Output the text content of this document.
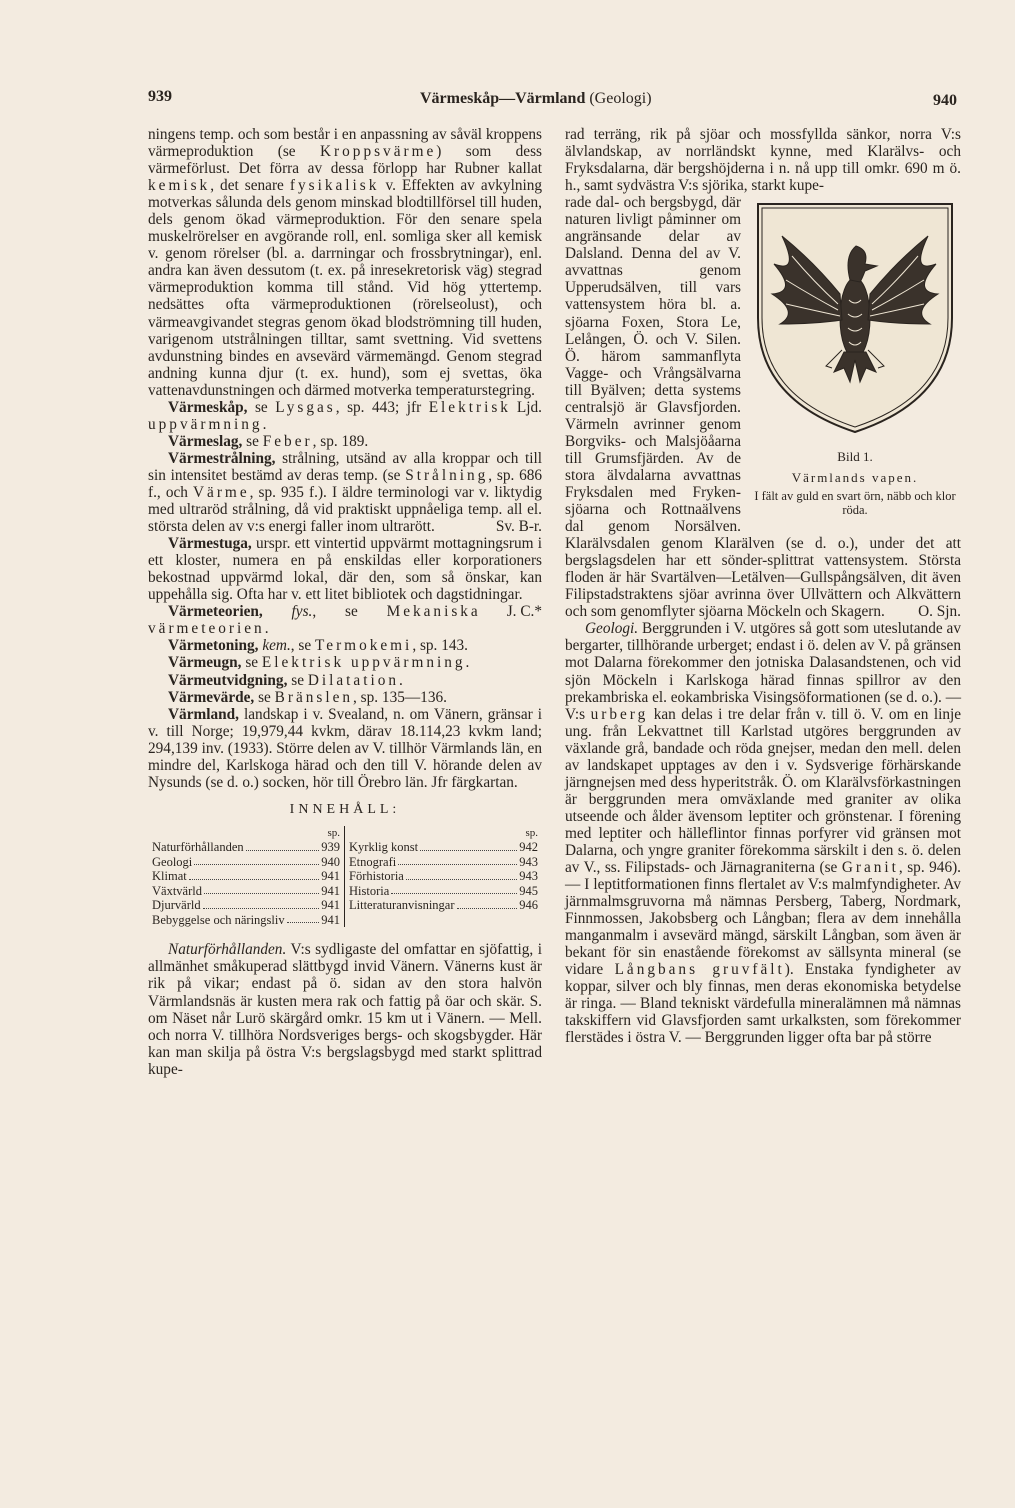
939	Värmeskåp—Värmland (Geologi)	940

ningens temp. och som består i en anpassning av såväl kroppens värmeproduktion (se Kroppsvärme) som dess värmeförlust. Det förra av dessa förlopp har Rubner kallat kemisk, det senare fysikalisk v. Effekten av avkylning motverkas sålunda dels genom minskad blodtillförsel till huden, dels genom ökad värmeproduktion. För den senare spela muskelrörelser en avgörande roll, enl. somliga sker all kemisk v. genom rörelser (bl. a. darrningar och frossbrytningar), enl. andra kan även dessutom (t. ex. på inresekretorisk väg) stegrad värmeproduktion komma till stånd. Vid hög yttertemp. nedsättes ofta värmeproduktionen (rörelseolust), och värmeavgivandet stegras genom ökad blodströmning till huden, varigenom utstrålningen tilltar, samt svettning. Vid svettens avdunstning bindes en avsevärd värmemängd. Genom stegrad andning kunna djur (t. ex. hund), som ej svettas, öka vattenavdunstningen och därmed motverka temperaturstegring.
Ljd.

Värmeskåp, se Lysgas, sp. 443; jfr Elektrisk uppvärmning.

Värmeslag, se Feber, sp. 189.

Värmestrålning, strålning, utsänd av alla kroppar och till sin intensitet bestämd av deras temp. (se Strålning, sp. 686 f., och Värme, sp. 935 f.). I äldre terminologi var v. liktydig med ultraröd strålning, då vid praktiskt uppnåeliga temp. all el. största delen av v:s energi faller inom ultrarött.	Sv. B-r.

Värmestuga, urspr. ett vintertid uppvärmt mottagningsrum i ett kloster, numera en på enskildas eller korporationers bekostnad uppvärmd lokal, där den, som så önskar, kan uppehålla sig. Ofta har v. ett litet bibliotek och dagstidningar.
J. C.*

Värmeteorien, fys., se Mekaniska värmeteorien.

Värmetoning, kem., se Termokemi, sp. 143.

Värmeugn, se Elektrisk uppvärmning.

Värmeutvidgning, se Dilatation.

Värmevärde, se Bränslen, sp. 135—136.

Värmland, landskap i v. Svealand, n. om Vänern, gränsar i v. till Norge; 19,979,44 kvkm, därav 18.114,23 kvkm land; 294,139 inv. (1933). Större delen av V. tillhör Värmlands län, en mindre del, Karlskoga härad och den till V. hörande delen av Nysunds (se d. o.) socken, hör till Örebro län. Jfr färgkartan.

INNEHÅLL:
sp.
Naturförhållanden	939
Geologi	940
Klimat	941
Växtvärld	941
Djurvärld	941
Bebyggelse och näringsliv	941
sp.
Kyrklig konst	942
Etnografi	943
Förhistoria	943
Historia	945
Litteraturanvisningar	946

Naturförhållanden. V:s sydligaste del omfattar en sjöfattig, i allmänhet småkuperad slättbygd invid Vänern. Vänerns kust är rik på vikar; endast på ö. sidan av den stora halvön Värmlandsnäs är kusten mera rak och fattig på öar och skär. S. om Näset når Lurö skärgård omkr. 15 km ut i Vänern. — Mell. och norra V. tillhöra Nordsveriges bergs- och skogsbygder. Här kan man skilja på östra V:s bergslagsbygd med starkt splittrad kupe-

rad terräng, rik på sjöar och mossfyllda sänkor, norra V:s älvlandskap, av norrländskt kynne, med Klarälvs- och Fryksdalarna, där bergshöjderna i n. nå upp till omkr. 690 m ö. h., samt sydvästra V:s sjörika, starkt kupe-

Bild 1.
Värmlands vapen.
I fält av guld en svart örn, näbb och klor röda.

rade dal- och bergsbygd, där naturen livligt påminner om angränsande delar av Dalsland. Denna del av V. avvattnas genom Upperudsälven, till vars vattensystem höra bl. a. sjöarna Foxen, Stora Le, Lelången, Ö. och V. Silen. Ö. härom sammanflyta Vagge- och Vrångsälvarna till Byälven; detta systems centralsjö är Glavsfjorden. Värmeln avrinner genom Borgviks- och Malsjöåarna till Grumsfjärden. Av de stora älvdalarna avvattnas Fryksdalen med Fryken-sjöarna och Rottnaälvens dal genom Norsälven. Klarälvsdalen genom Klarälven (se d. o.), under det att bergslagsdelen har ett sönder-splittrat vattensystem. Största floden är här Svartälven—Letälven—Gullspångsälven, dit även Filipstadstraktens sjöar avrinna över Ullvättern och Alkvättern och som genomflyter sjöarna Möckeln och Skagern.	O. Sjn.

Geologi. Berggrunden i V. utgöres så gott som uteslutande av bergarter, tillhörande urberget; endast i ö. delen av V. på gränsen mot Dalarna förekommer den jotniska Dalasandstenen, och vid sjön Möckeln i Karlskoga härad finnas spillror av den prekambriska el. eokambriska Visingsöformationen (se d. o.). — V:s urberg kan delas i tre delar från v. till ö. V. om en linje ung. från Lekvattnet till Karlstad utgöres berggrunden av växlande grå, bandade och röda gnejser, medan den mell. delen av landskapet upptages av den i v. Sydsverige förhärskande järngnejsen med dess hyperitstråk. Ö. om Klarälvsförkastningen är berggrunden mera omväxlande med graniter av olika utseende och ålder ävensom leptiter och grönstenar. I förening med leptiter och hälleflintor finnas porfyrer vid gränsen mot Dalarna, och yngre graniter förekomma särskilt i den s. ö. delen av V., ss. Filipstads- och Järnagraniterna (se Granit, sp. 946). — I leptitformationen finns flertalet av V:s malmfyndigheter. Av järnmalmsgruvorna må nämnas Persberg, Taberg, Nordmark, Finnmossen, Jakobsberg och Långban; flera av dem innehålla manganmalm i avsevärd mängd, särskilt Långban, som även är bekant för sin enastående förekomst av sällsynta mineral (se vidare Långbans gruvfält). Enstaka fyndigheter av koppar, silver och bly finnas, men deras ekonomiska betydelse är ringa. — Bland tekniskt värdefulla mineralämnen må nämnas takskiffern vid Glavsfjorden samt urkalksten, som förekommer flerstädes i östra V. — Berggrunden ligger ofta bar på större
